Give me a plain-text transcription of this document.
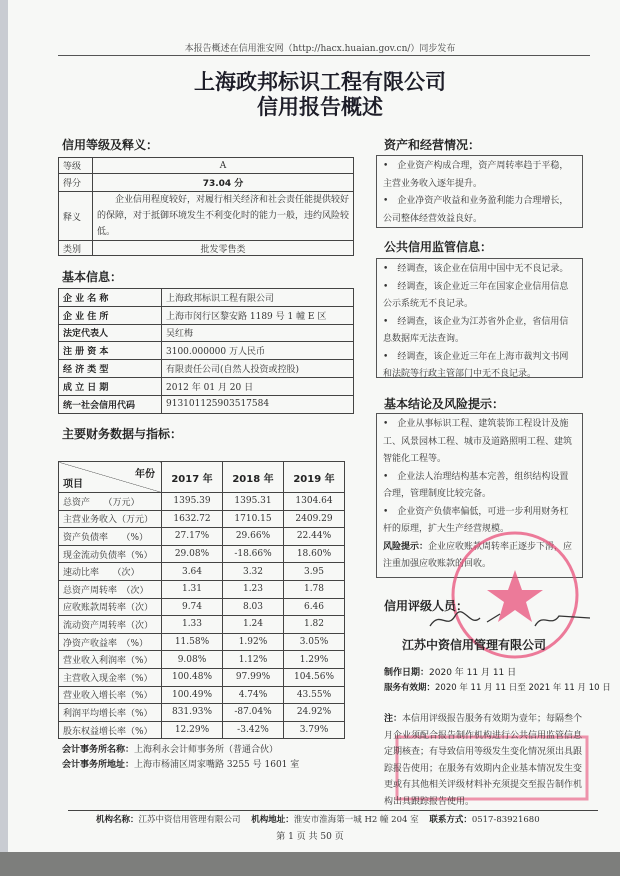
本报告概述在信用淮安网（http://hacx.huaian.gov.cn/）同步发布
上海政邦标识工程有限公司
信用报告概述
信用等级及释义：
等级	A
得分	73.04 分
释义	企业信用程度较好，对履行相关经济和社会责任能提供较好的保障，对于抵御环境发生不利变化时的能力一般，违约风险较低。
类别	批发零售类
基本信息：
企 业 名 称	上海政邦标识工程有限公司
企 业 住 所	上海市闵行区黎安路 1189 号 1 幢 E 区
法定代表人	吴红梅
注 册 资 本	3100.000000 万人民币
经 济 类 型	有限责任公司(自然人投资或控股)
成 立 日 期	2012 年 01 月 20 日
统一社会信用代码	913101125903517584
主要财务数据与指标：
年份
项目	2017 年	2018 年	2019 年
总资产　　（万元）	1395.39	1395.31	1304.64
主营业务收入（万元）	1632.72	1710.15	2409.29
资产负债率　　（%）	27.17%	29.66%	22.44%
现金流动负债率（%）	29.08%	-18.66%	18.60%
速动比率　　（次）	3.64	3.32	3.95
总资产周转率　（次）	1.31	1.23	1.78
应收账款周转率（次）	9.74	8.03	6.46
流动资产周转率（次）	1.33	1.24	1.82
净资产收益率　（%）	11.58%	1.92%	3.05%
营业收入利润率（%）	9.08%	1.12%	1.29%
主营收入现金率（%）	100.48%	97.99%	104.56%
营业收入增长率（%）	100.49%	4.74%	43.55%
利润平均增长率（%）	831.93%	-87.04%	24.92%
股东权益增长率（%）	12.29%	-3.42%	3.79%
会计事务所名称：上海利永会计师事务所（普通合伙）
会计事务所地址：上海市杨浦区周家嘴路 3255 号 1601 室
资产和经营情况：

•　企业资产构成合理，资产周转率趋于平稳，主营业务收入逐年提升。

•　企业净资产收益和业务盈利能力合理增长，公司整体经营效益良好。

公共信用监管信息：

•　经调查，该企业在信用中国中无不良记录。

•　经调查，该企业近三年在国家企业信用信息公示系统无不良记录。

•　经调查，该企业为江苏省外企业，省信用信息数据库无法查询。

•　经调查，该企业近三年在上海市裁判文书网和法院等行政主管部门中无不良记录。

基本结论及风险提示：

•　企业从事标识工程、建筑装饰工程设计及施工、风景园林工程、城市及道路照明工程、建筑智能化工程等。

•　企业法人治理结构基本完善，组织结构设置合理，管理制度比较完备。

•　企业资产负债率偏低，可进一步利用财务杠杆的原理，扩大生产经营规模。

风险提示：企业应收账款周转率正逐步下滑，应注重加强应收账款的回收。

信用评级人员：
江苏中资信用管理有限公司
制作日期：2020 年 11 月 11 日
服务有效期：2020 年 11 月 11 日至 2021 年 11 月 10 日
注：本信用评级报告服务有效期为壹年；每隔叁个月企业须配合报告制作机构进行公共信用监管信息定期核查；有导致信用等级发生变化情况须出具跟踪报告使用；在服务有效期内企业基本情况发生变更或有其他相关评级材料补充须提交至报告制作机构出具跟踪报告使用。
机构名称：江苏中资信用管理有限公司 机构地址：淮安市淮海第一城 H2 幢 204 室 联系方式：0517-83921680
第 1 页 共 50 页
